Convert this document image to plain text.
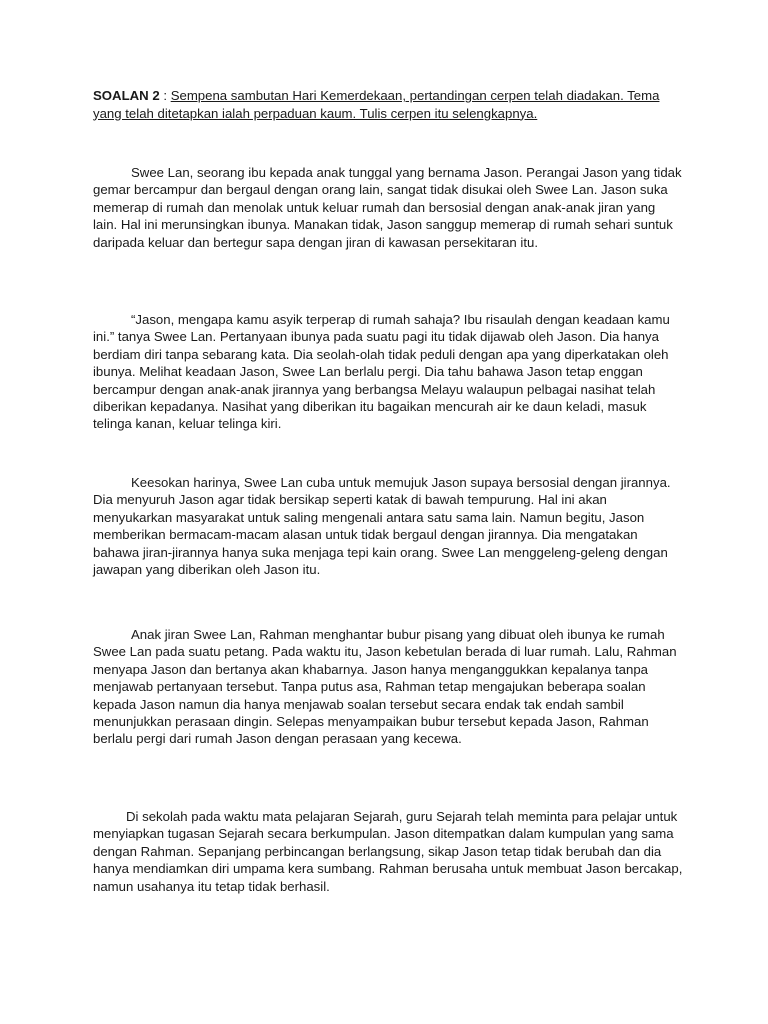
SOALAN 2 : Sempena sambutan Hari Kemerdekaan, pertandingan cerpen telah diadakan. Tema yang telah ditetapkan ialah perpaduan kaum. Tulis cerpen itu selengkapnya.

Swee Lan, seorang ibu kepada anak tunggal yang bernama Jason. Perangai Jason yang tidak gemar bercampur dan bergaul dengan orang lain, sangat tidak disukai oleh Swee Lan. Jason suka memerap di rumah dan menolak untuk keluar rumah dan bersosial dengan anak-anak jiran yang lain. Hal ini merunsingkan ibunya. Manakan tidak, Jason sanggup memerap di rumah sehari suntuk daripada keluar dan bertegur sapa dengan jiran di kawasan persekitaran itu.

“Jason, mengapa kamu asyik terperap di rumah sahaja? Ibu risaulah dengan keadaan kamu ini.” tanya Swee Lan. Pertanyaan ibunya pada suatu pagi itu tidak dijawab oleh Jason. Dia hanya berdiam diri tanpa sebarang kata. Dia seolah-olah tidak peduli dengan apa yang diperkatakan oleh ibunya. Melihat keadaan Jason, Swee Lan berlalu pergi. Dia tahu bahawa Jason tetap enggan bercampur dengan anak-anak jirannya yang berbangsa Melayu walaupun pelbagai nasihat telah diberikan kepadanya. Nasihat yang diberikan itu bagaikan mencurah air ke daun keladi, masuk telinga kanan, keluar telinga kiri.

Keesokan harinya, Swee Lan cuba untuk memujuk Jason supaya bersosial dengan jirannya. Dia menyuruh Jason agar tidak bersikap seperti katak di bawah tempurung. Hal ini akan menyukarkan masyarakat untuk saling mengenali antara satu sama lain. Namun begitu, Jason memberikan bermacam-macam alasan untuk tidak bergaul dengan jirannya. Dia mengatakan bahawa jiran-jirannya hanya suka menjaga tepi kain orang. Swee Lan menggeleng-geleng dengan jawapan yang diberikan oleh Jason itu.

Anak jiran Swee Lan, Rahman menghantar bubur pisang yang dibuat oleh ibunya ke rumah Swee Lan pada suatu petang. Pada waktu itu, Jason kebetulan berada di luar rumah. Lalu, Rahman menyapa Jason dan bertanya akan khabarnya. Jason hanya menganggukkan kepalanya tanpa menjawab pertanyaan tersebut. Tanpa putus asa, Rahman tetap mengajukan beberapa soalan kepada Jason namun dia hanya menjawab soalan tersebut secara endak tak endah sambil menunjukkan perasaan dingin. Selepas menyampaikan bubur tersebut kepada Jason, Rahman berlalu pergi dari rumah Jason dengan perasaan yang kecewa.

Di sekolah pada waktu mata pelajaran Sejarah, guru Sejarah telah meminta para pelajar untuk menyiapkan tugasan Sejarah secara berkumpulan. Jason ditempatkan dalam kumpulan yang sama dengan Rahman. Sepanjang perbincangan berlangsung, sikap Jason tetap tidak berubah dan dia hanya mendiamkan diri umpama kera sumbang. Rahman berusaha untuk membuat Jason bercakap, namun usahanya itu tetap tidak berhasil.
